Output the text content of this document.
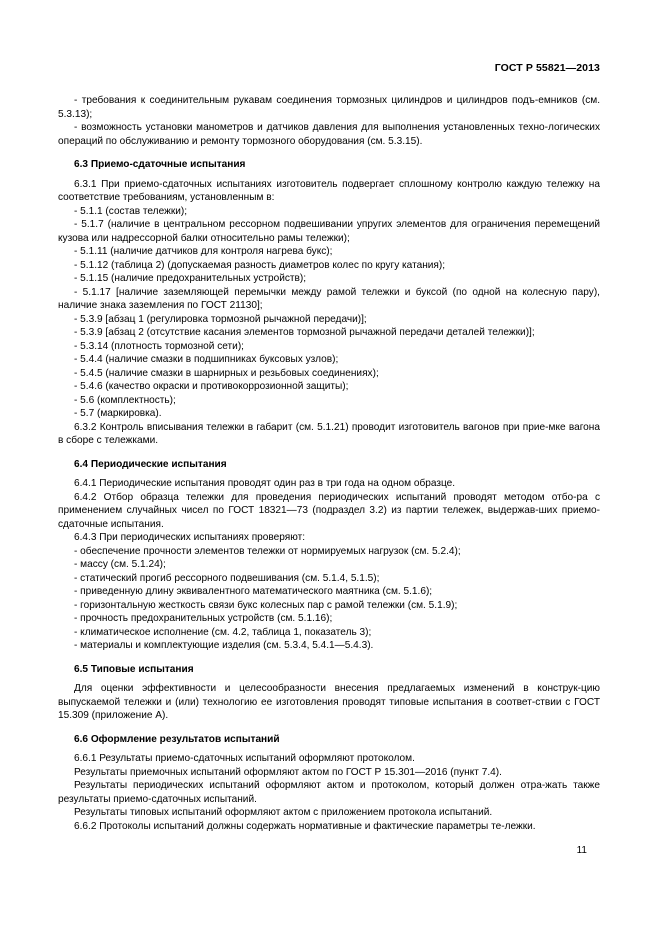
ГОСТ Р 55821—2013

- требования к соединительным рукавам соединения тормозных цилиндров и цилиндров подъ-емников (см. 5.3.13);

- возможность установки манометров и датчиков давления для выполнения установленных техно-логических операций по обслуживанию и ремонту тормозного оборудования (см. 5.3.15).

6.3 Приемо-сдаточные испытания

6.3.1 При приемо-сдаточных испытаниях изготовитель подвергает сплошному контролю каждую тележку на соответствие требованиям, установленным в:

- 5.1.1 (состав тележки);

- 5.1.7 (наличие в центральном рессорном подвешивании упругих элементов для ограничения перемещений кузова или надрессорной балки относительно рамы тележки);

- 5.1.11 (наличие датчиков для контроля нагрева букс);

- 5.1.12 (таблица 2) (допускаемая разность диаметров колес по кругу катания);

- 5.1.15 (наличие предохранительных устройств);

- 5.1.17 [наличие заземляющей перемычки между рамой тележки и буксой (по одной на колесную пару), наличие знака заземления по ГОСТ 21130];

- 5.3.9 [абзац 1 (регулировка тормозной рычажной передачи)];

- 5.3.9 [абзац 2 (отсутствие касания элементов тормозной рычажной передачи деталей тележки)];

- 5.3.14 (плотность тормозной сети);

- 5.4.4 (наличие смазки в подшипниках буксовых узлов);

- 5.4.5 (наличие смазки в шарнирных и резьбовых соединениях);

- 5.4.6 (качество окраски и противокоррозионной защиты);

- 5.6 (комплектность);

- 5.7 (маркировка).

6.3.2 Контроль вписывания тележки в габарит (см. 5.1.21) проводит изготовитель вагонов при прие-мке вагона в сборе с тележками.

6.4 Периодические испытания

6.4.1 Периодические испытания проводят один раз в три года на одном образце.

6.4.2 Отбор образца тележки для проведения периодических испытаний проводят методом отбо-ра с применением случайных чисел по ГОСТ 18321—73 (подраздел 3.2) из партии тележек, выдержав-ших приемо-сдаточные испытания.

6.4.3 При периодических испытаниях проверяют:

- обеспечение прочности элементов тележки от нормируемых нагрузок (см. 5.2.4);

- массу (см. 5.1.24);

- статический прогиб рессорного подвешивания (см. 5.1.4, 5.1.5);

- приведенную длину эквивалентного математического маятника (см. 5.1.6);

- горизонтальную жесткость связи букс колесных пар с рамой тележки (см. 5.1.9);

- прочность предохранительных устройств (см. 5.1.16);

- климатическое исполнение (см. 4.2, таблица 1, показатель 3);

- материалы и комплектующие изделия (см. 5.3.4, 5.4.1—5.4.3).

6.5 Типовые испытания

Для оценки эффективности и целесообразности внесения предлагаемых изменений в конструк-цию выпускаемой тележки и (или) технологию ее изготовления проводят типовые испытания в соответ-ствии с ГОСТ 15.309 (приложение А).

6.6 Оформление результатов испытаний

6.6.1 Результаты приемо-сдаточных испытаний оформляют протоколом.

Результаты приемочных испытаний оформляют актом по ГОСТ Р 15.301—2016 (пункт 7.4).

Результаты периодических испытаний оформляют актом и протоколом, который должен отра-жать также результаты приемо-сдаточных испытаний.

Результаты типовых испытаний оформляют актом с приложением протокола испытаний.

6.6.2 Протоколы испытаний должны содержать нормативные и фактические параметры те-лежки.

11
